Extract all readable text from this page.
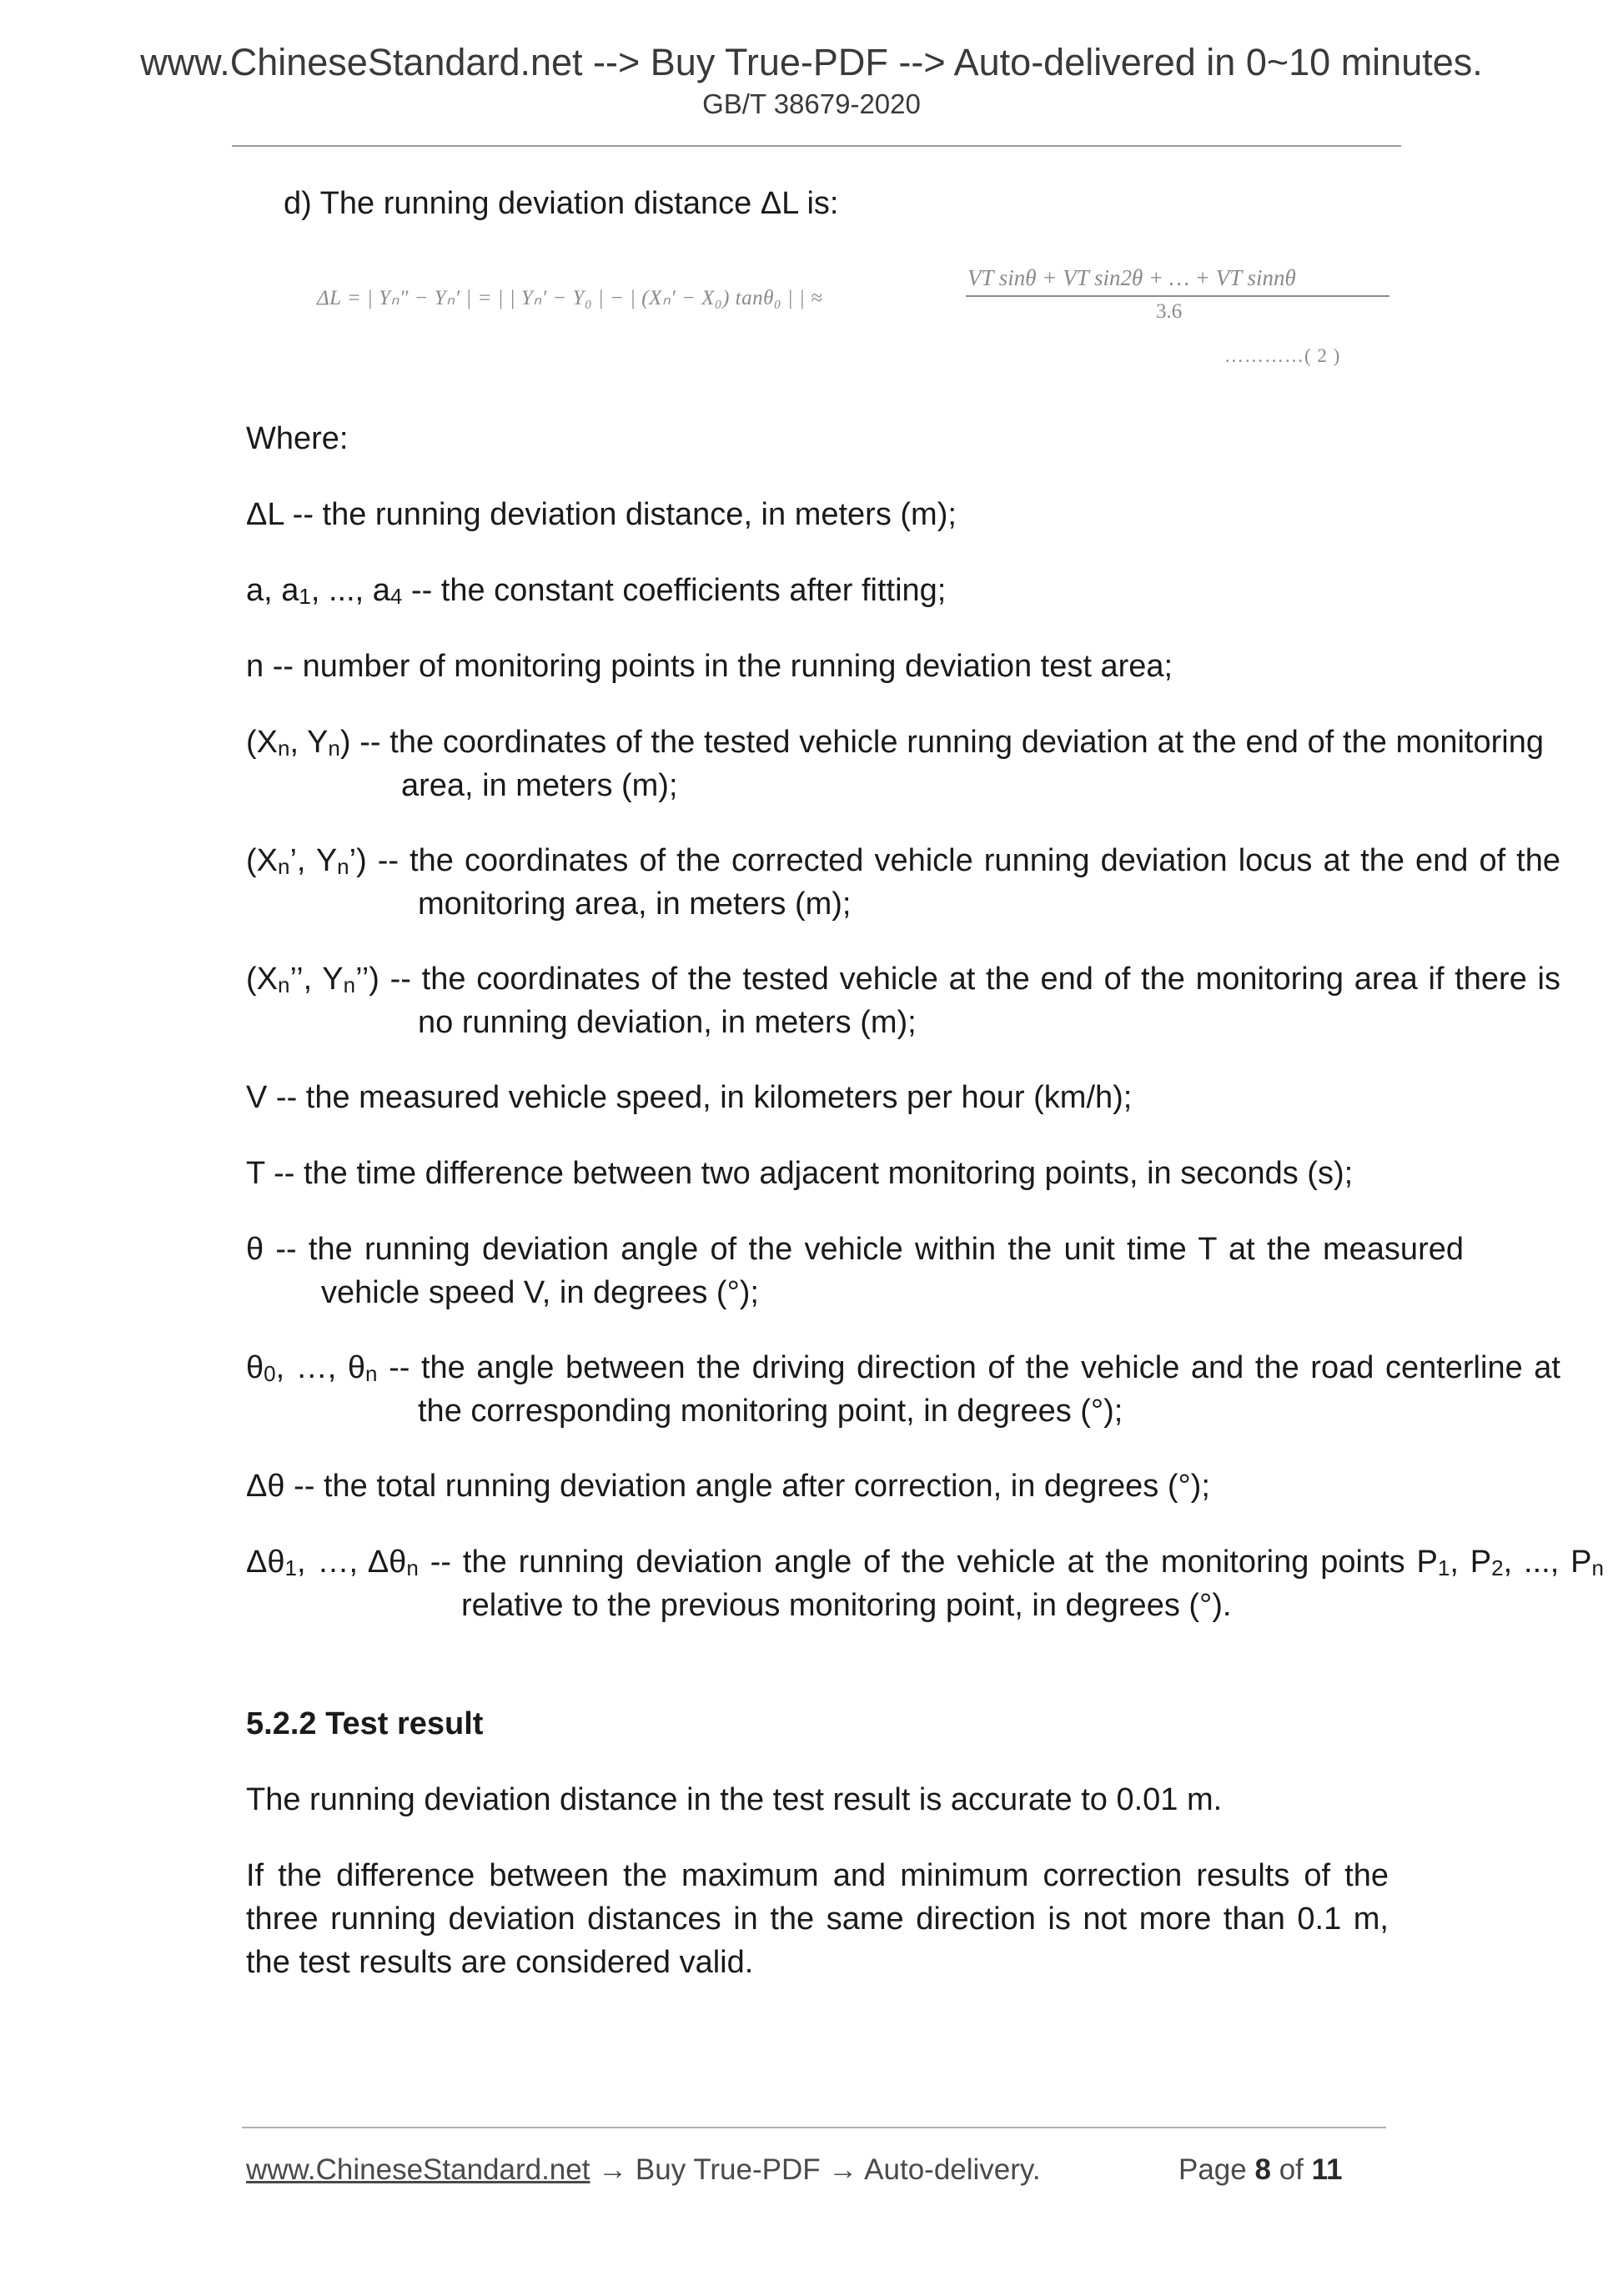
www.ChineseStandard.net --> Buy True-PDF --> Auto-delivered in 0~10 minutes.
GB/T 38679-2020

d) The running deviation distance ΔL is:

ΔL = | Yₙ″ − Yₙ′ | = | | Yₙ′ − Y₀ | − | (Xₙ′ − X₀) tanθ₀ | | ≈
VT sinθ + VT sin2θ + … + VT sinnθ
3.6
…………( 2 )

Where:

ΔL -- the running deviation distance, in meters (m);

a, $a_1$, ..., $a_4$ -- the constant coefficients after fitting;

n -- number of monitoring points in the running deviation test area;

($X_n$, $Y_n$) -- the coordinates of the tested vehicle running deviation at the end of the monitoring area, in meters (m);

($X_n$’, $Y_n$’) -- the coordinates of the corrected vehicle running deviation locus at the end of the monitoring area, in meters (m);

($X_n$’’, $Y_n$’’) -- the coordinates of the tested vehicle at the end of the monitoring area if there is no running deviation, in meters (m);

V -- the measured vehicle speed, in kilometers per hour (km/h);

T -- the time difference between two adjacent monitoring points, in seconds (s);

θ -- the running deviation angle of the vehicle within the unit time T at the measured vehicle speed V, in degrees (°);

$\theta_0$, …, $\theta_n$ -- the angle between the driving direction of the vehicle and the road centerline at the corresponding monitoring point, in degrees (°);

Δθ -- the total running deviation angle after correction, in degrees (°);

$\Delta\theta_1$, …, $\Delta\theta_n$ -- the running deviation angle of the vehicle at the monitoring points $P_1$, $P_2$, ..., $P_n$ relative to the previous monitoring point, in degrees (°).

5.2.2 Test result

The running deviation distance in the test result is accurate to 0.01 m.

If the difference between the maximum and minimum correction results of the three running deviation distances in the same direction is not more than 0.1 m, the test results are considered valid.

www.ChineseStandard.net → Buy True-PDF → Auto-delivery.	Page 8 of 11
